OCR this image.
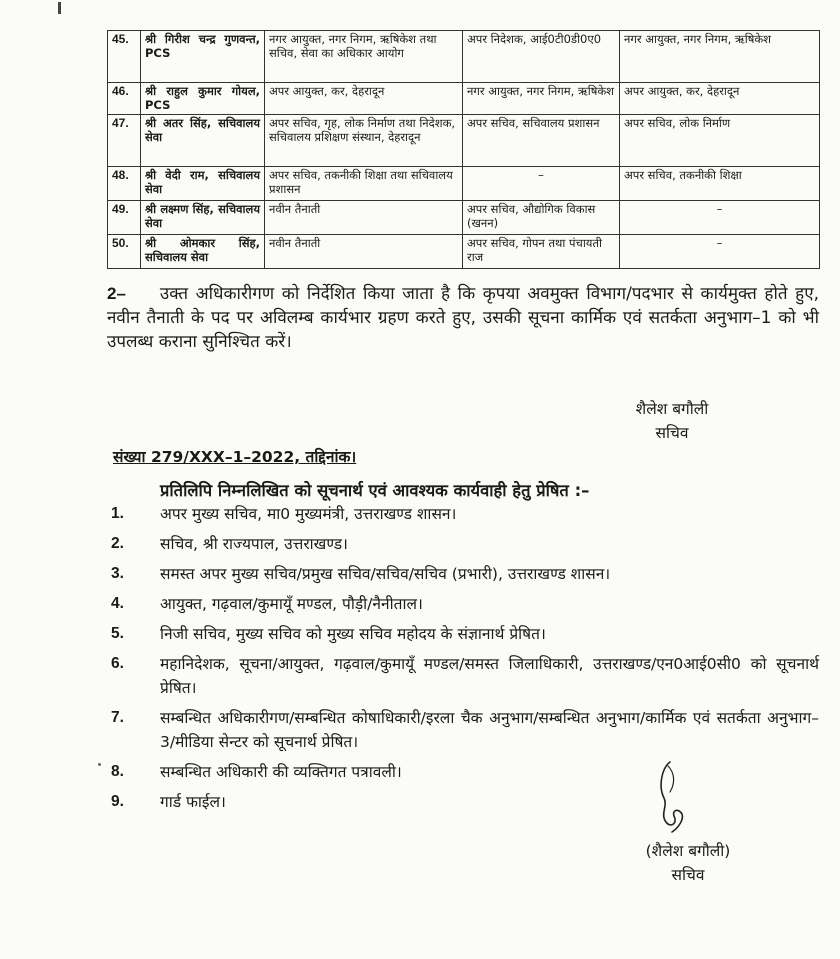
45.	श्री गिरीश चन्द्र गुणवन्त, PCS	नगर आयुक्त, नगर निगम, ऋषिकेश तथा सचिव, सेवा का अधिकार आयोग	अपर निदेशक, आई0टी0डी0ए0	नगर आयुक्त, नगर निगम, ऋषिकेश
46.	श्री राहुल कुमार गोयल, PCS	अपर आयुक्त, कर, देहरादून	नगर आयुक्त, नगर निगम, ऋषिकेश	अपर आयुक्त, कर, देहरादून
47.	श्री अतर सिंह, सचिवालय सेवा	अपर सचिव, गृह, लोक निर्माण तथा निदेशक, सचिवालय प्रशिक्षण संस्थान, देहरादून	अपर सचिव, सचिवालय प्रशासन	अपर सचिव, लोक निर्माण
48.	श्री वेदी राम, सचिवालय सेवा	अपर सचिव, तकनीकी शिक्षा तथा सचिवालय प्रशासन	–	अपर सचिव, तकनीकी शिक्षा
49.	श्री लक्ष्मण सिंह, सचिवालय सेवा	नवीन तैनाती	अपर सचिव, औद्योगिक विकास (खनन)	–
50.	श्री ओमकार सिंह, सचिवालय सेवा	नवीन तैनाती	अपर सचिव, गोपन तथा पंचायती राज	–

2– उक्त अधिकारीगण को निर्देशित किया जाता है कि कृपया अवमुक्त विभाग/पदभार से कार्यमुक्त होते हुए, नवीन तैनाती के पद पर अविलम्ब कार्यभार ग्रहण करते हुए, उसकी सूचना कार्मिक एवं सतर्कता अनुभाग–1 को भी उपलब्ध कराना सुनिश्चित करें।

शैलेश बगौली
सचिव
संख्या 279/XXX–1–2022, तद्दिनांक।
प्रतिलिपि निम्नलिखित को सूचनार्थ एवं आवश्यक कार्यवाही हेतु प्रेषित :–
1. अपर मुख्य सचिव, मा0 मुख्यमंत्री, उत्तराखण्ड शासन।
2. सचिव, श्री राज्यपाल, उत्तराखण्ड।
3. समस्त अपर मुख्य सचिव/प्रमुख सचिव/सचिव/सचिव (प्रभारी), उत्तराखण्ड शासन।
4. आयुक्त, गढ़वाल/कुमायूँ मण्डल, पौड़ी/नैनीताल।
5. निजी सचिव, मुख्य सचिव को मुख्य सचिव महोदय के संज्ञानार्थ प्रेषित।
6. महानिदेशक, सूचना/आयुक्त, गढ़वाल/कुमायूँ मण्डल/समस्त जिलाधिकारी, उत्तराखण्ड/एन0आई0सी0 को सूचनार्थ प्रेषित।
7. सम्बन्धित अधिकारीगण/सम्बन्धित कोषाधिकारी/इरला चैक अनुभाग/सम्बन्धित अनुभाग/कार्मिक एवं सतर्कता अनुभाग–3/मीडिया सेन्टर को सूचनार्थ प्रेषित।
8. सम्बन्धित अधिकारी की व्यक्तिगत पत्रावली।
9. गार्ड फाईल।
(शैलेश बगौली)
सचिव
